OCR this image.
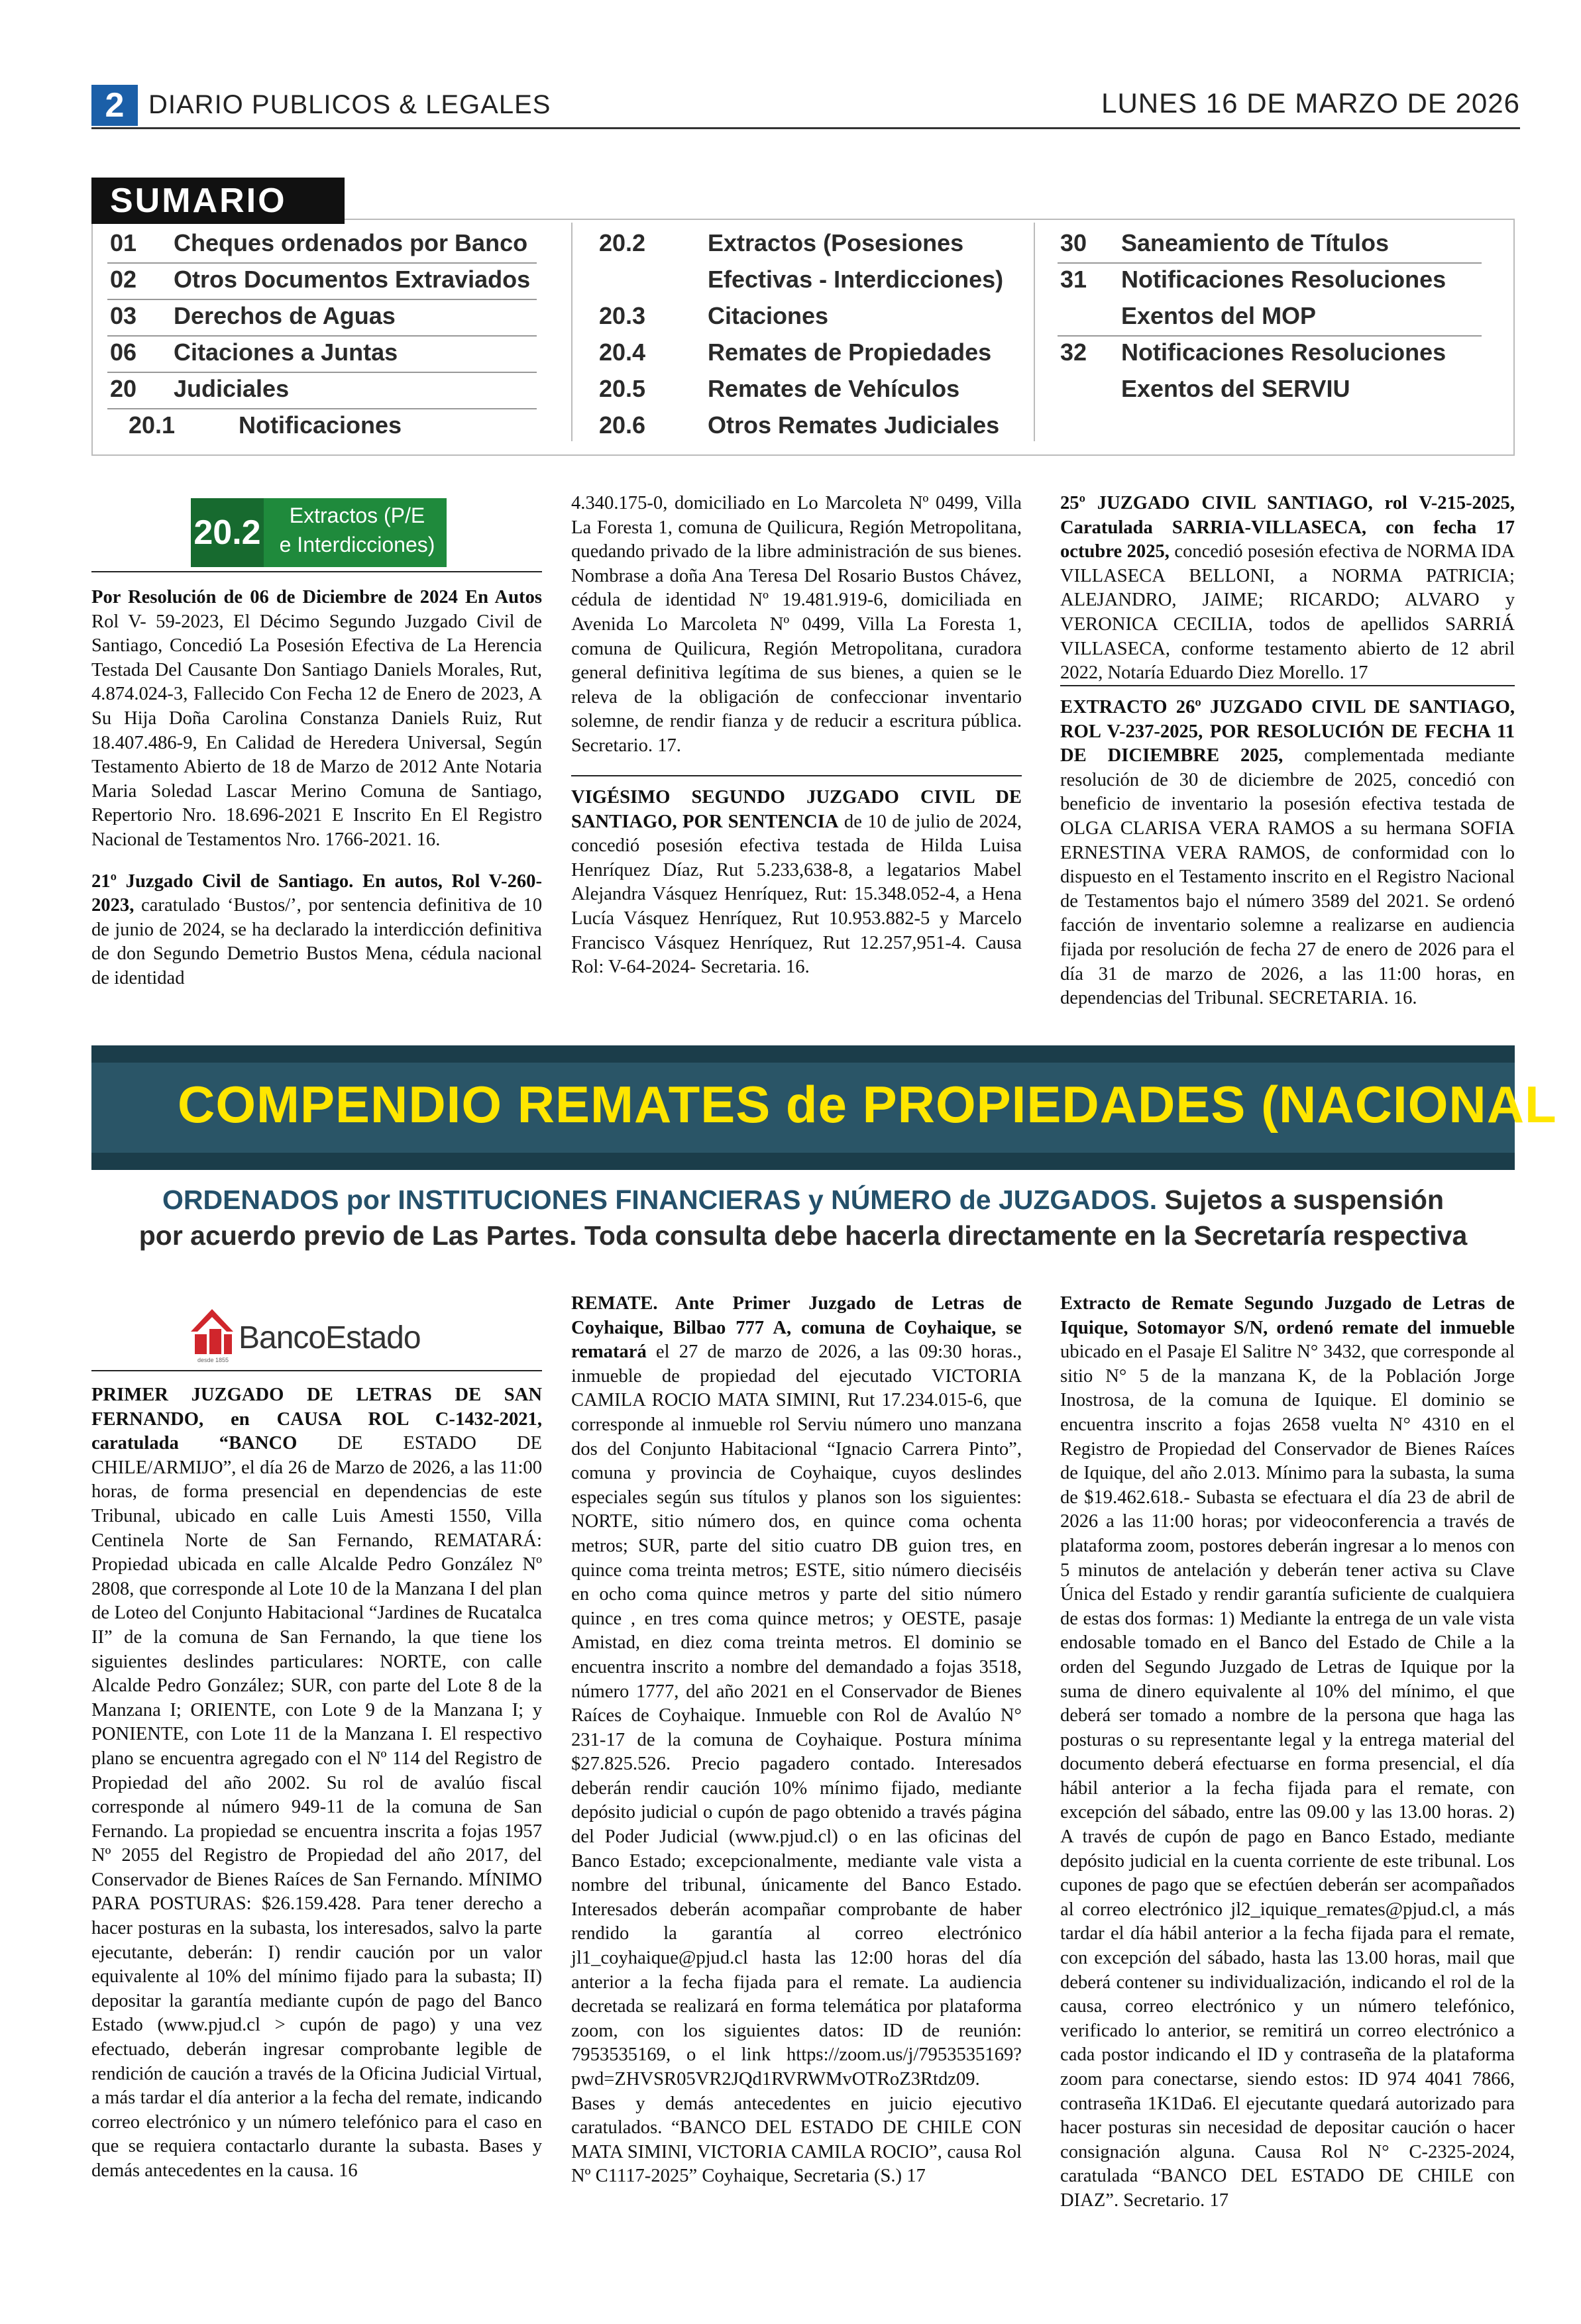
2 DIARIO PUBLICOS & LEGALES	LUNES 16 DE MARZO DE 2026
SUMARIO
20.2	Extractos (P/E
e Interdicciones)

Por Resolución de 06 de Diciembre de 2024 En Autos Rol V- 59-2023, El Décimo Segundo Juzgado Civil de Santiago, Concedió La Posesión Efectiva de La Herencia Testada Del Causante Don Santiago Daniels Morales, Rut, 4.874.024-3, Fallecido Con Fecha 12 de Enero de 2023, A Su Hija Doña Carolina Constanza Daniels Ruiz, Rut 18.407.486-9, En Calidad de Heredera Universal, Según Testamento Abierto de 18 de Marzo de 2012 Ante Notaria Maria Soledad Lascar Merino Comuna de Santiago, Repertorio Nro. 18.696-2021 E Inscrito En El Registro Nacional de Testamentos Nro. 1766-2021. 16.

21º Juzgado Civil de Santiago. En autos, Rol V-260-2023, caratulado ‘Bustos/’, por sentencia definitiva de 10 de junio de 2024, se ha declarado la interdicción definitiva de don Segundo Demetrio Bustos Mena, cédula nacional de identidad

4.340.175-0, domiciliado en Lo Marcoleta Nº 0499, Villa La Foresta 1, comuna de Quilicura, Región Metropolitana, quedando privado de la libre administración de sus bienes. Nombrase a doña Ana Teresa Del Rosario Bustos Chávez, cédula de identidad Nº 19.481.919-6, domiciliada en Avenida Lo Marcoleta Nº 0499, Villa La Foresta 1, comuna de Quilicura, Región Metropolitana, curadora general definitiva legítima de sus bienes, a quien se le releva de la obligación de confeccionar inventario solemne, de rendir fianza y de reducir a escritura pública. Secretario. 17.

VIGÉSIMO SEGUNDO JUZGADO CIVIL DE SANTIAGO, POR SENTENCIA de 10 de julio de 2024, concedió posesión efectiva testada de Hilda Luisa Henríquez Díaz, Rut 5.233,638-8, a legatarios Mabel Alejandra Vásquez Henríquez, Rut: 15.348.052-4, a Hena Lucía Vásquez Henríquez, Rut 10.953.882-5 y Marcelo Francisco Vásquez Henríquez, Rut 12.257,951-4. Causa Rol: V-64-2024- Secretaria. 16.

25º JUZGADO CIVIL SANTIAGO, rol V-215-2025, Caratulada SARRIA-VILLASECA, con fecha 17 octubre 2025, concedió posesión efectiva de NORMA IDA VILLASECA BELLONI, a NORMA PATRICIA; ALEJANDRO, JAIME; RICARDO; ALVARO y VERONICA CECILIA, todos de apellidos SARRIÁ VILLASECA, conforme testamento abierto de 12 abril 2022, Notaría Eduardo Diez Morello. 17

EXTRACTO 26º JUZGADO CIVIL DE SANTIAGO, ROL V-237-2025, POR RESOLUCIÓN DE FECHA 11 DE DICIEMBRE 2025, complementada mediante resolución de 30 de diciembre de 2025, concedió con beneficio de inventario la posesión efectiva testada de OLGA CLARISA VERA RAMOS a su hermana SOFIA ERNESTINA VERA RAMOS, de conformidad con lo dispuesto en el Testamento inscrito en el Registro Nacional de Testamentos bajo el número 3589 del 2021. Se ordenó facción de inventario solemne a realizarse en audiencia fijada por resolución de fecha 27 de enero de 2026 para el día 31 de marzo de 2026, a las 11:00 horas, en dependencias del Tribunal. SECRETARIA. 16.

COMPENDIO REMATES de PROPIEDADES (NACIONAL
ORDENADOS por INSTITUCIONES FINANCIERAS y NÚMERO de JUZGADOS. Sujetos a suspensión
por acuerdo previo de Las Partes. Toda consulta debe hacerla directamente en la Secretaría respectiva
BancoEstado
desde 1855

PRIMER JUZGADO DE LETRAS DE SAN FERNANDO, en CAUSA ROL C-1432-2021, caratulada “BANCO DE ESTADO DE CHILE/ARMIJO”, el día 26 de Marzo de 2026, a las 11:00 horas, de forma presencial en dependencias de este Tribunal, ubicado en calle Luis Amesti 1550, Villa Centinela Norte de San Fernando, REMATARÁ: Propiedad ubicada en calle Alcalde Pedro González Nº 2808, que corresponde al Lote 10 de la Manzana I del plan de Loteo del Conjunto Habitacional “Jardines de Rucatalca II” de la comuna de San Fernando, la que tiene los siguientes deslindes particulares: NORTE, con calle Alcalde Pedro González; SUR, con parte del Lote 8 de la Manzana I; ORIENTE, con Lote 9 de la Manzana I; y PONIENTE, con Lote 11 de la Manzana I. El respectivo plano se encuentra agregado con el Nº 114 del Registro de Propiedad del año 2002. Su rol de avalúo fiscal corresponde al número 949-11 de la comuna de San Fernando. La propiedad se encuentra inscrita a fojas 1957 Nº 2055 del Registro de Propiedad del año 2017, del Conservador de Bienes Raíces de San Fernando. MÍNIMO PARA POSTURAS: $26.159.428. Para tener derecho a hacer posturas en la subasta, los interesados, salvo la parte ejecutante, deberán: I) rendir caución por un valor equivalente al 10% del mínimo fijado para la subasta; II) depositar la garantía mediante cupón de pago del Banco Estado (www.pjud.cl > cupón de pago) y una vez efectuado, deberán ingresar comprobante legible de rendición de caución a través de la Oficina Judicial Virtual, a más tardar el día anterior a la fecha del remate, indicando correo electrónico y un número telefónico para el caso en que se requiera contactarlo durante la subasta. Bases y demás antecedentes en la causa. 16

REMATE. Ante Primer Juzgado de Letras de Coyhaique, Bilbao 777 A, comuna de Coyhaique, se rematará el 27 de marzo de 2026, a las 09:30 horas., inmueble de propiedad del ejecutado VICTORIA CAMILA ROCIO MATA SIMINI, Rut 17.234.015-6, que corresponde al inmueble rol Serviu número uno manzana dos del Conjunto Habitacional “Ignacio Carrera Pinto”, comuna y provincia de Coyhaique, cuyos deslindes especiales según sus títulos y planos son los siguientes: NORTE, sitio número dos, en quince coma ochenta metros; SUR, parte del sitio cuatro DB guion tres, en quince coma treinta metros; ESTE, sitio número dieciséis en ocho coma quince metros y parte del sitio número quince , en tres coma quince metros; y OESTE, pasaje Amistad, en diez coma treinta metros. El dominio se encuentra inscrito a nombre del demandado a fojas 3518, número 1777, del año 2021 en el Conservador de Bienes Raíces de Coyhaique. Inmueble con Rol de Avalúo N° 231-17 de la comuna de Coyhaique. Postura mínima $27.825.526. Precio pagadero contado. Interesados deberán rendir caución 10% mínimo fijado, mediante depósito judicial o cupón de pago obtenido a través página del Poder Judicial (www.pjud.cl) o en las oficinas del Banco Estado; excepcionalmente, mediante vale vista a nombre del tribunal, únicamente del Banco Estado. Interesados deberán acompañar comprobante de haber rendido la garantía al correo electrónico jl1_coyhaique@pjud.cl hasta las 12:00 horas del día anterior a la fecha fijada para el remate. La audiencia decretada se realizará en forma telemática por plataforma zoom, con los siguientes datos: ID de reunión: 7953535169, o el link https://zoom.us/j/7953535169? pwd=ZHVSR05VR2JQd1RVRWMvOTRoZ3Rtdz09. Bases y demás antecedentes en juicio ejecutivo caratulados. “BANCO DEL ESTADO DE CHILE CON MATA SIMINI, VICTORIA CAMILA ROCIO”, causa Rol Nº C1117-2025” Coyhaique, Secretaria (S.) 17

Extracto de Remate Segundo Juzgado de Letras de Iquique, Sotomayor S/N, ordenó remate del inmueble ubicado en el Pasaje El Salitre N° 3432, que corresponde al sitio N° 5 de la manzana K, de la Población Jorge Inostrosa, de la comuna de Iquique. El dominio se encuentra inscrito a fojas 2658 vuelta N° 4310 en el Registro de Propiedad del Conservador de Bienes Raíces de Iquique, del año 2.013. Mínimo para la subasta, la suma de $19.462.618.- Subasta se efectuara el día 23 de abril de 2026 a las 11:00 horas; por videoconferencia a través de plataforma zoom, postores deberán ingresar a lo menos con 5 minutos de antelación y deberán tener activa su Clave Única del Estado y rendir garantía suficiente de cualquiera de estas dos formas: 1) Mediante la entrega de un vale vista endosable tomado en el Banco del Estado de Chile a la orden del Segundo Juzgado de Letras de Iquique por la suma de dinero equivalente al 10% del mínimo, el que deberá ser tomado a nombre de la persona que haga las posturas o su representante legal y la entrega material del documento deberá efectuarse en forma presencial, el día hábil anterior a la fecha fijada para el remate, con excepción del sábado, entre las 09.00 y las 13.00 horas. 2) A través de cupón de pago en Banco Estado, mediante depósito judicial en la cuenta corriente de este tribunal. Los cupones de pago que se efectúen deberán ser acompañados al correo electrónico jl2_iquique_remates@pjud.cl, a más tardar el día hábil anterior a la fecha fijada para el remate, con excepción del sábado, hasta las 13.00 horas, mail que deberá contener su individualización, indicando el rol de la causa, correo electrónico y un número telefónico, verificado lo anterior, se remitirá un correo electrónico a cada postor indicando el ID y contraseña de la plataforma zoom para conectarse, siendo estos: ID 974 4041 7866, contraseña 1K1Da6. El ejecutante quedará autorizado para hacer posturas sin necesidad de depositar caución o hacer consignación alguna. Causa Rol N° C-2325-2024, caratulada “BANCO DEL ESTADO DE CHILE con DIAZ”. Secretario. 17

01 Cheques ordenados por Banco
02 Otros Documentos Extraviados
03 Derechos de Aguas
06 Citaciones a Juntas
20 Judiciales
20.1	Notificaciones
20.2	Extractos (Posesiones
Efectivas - Interdicciones)
20.3	Citaciones
20.4	Remates de Propiedades
20.5	Remates de Vehículos
20.6	Otros Remates Judiciales
30 Saneamiento de Títulos
31 Notificaciones Resoluciones
Exentos del MOP
32 Notificaciones Resoluciones
Exentos del SERVIU
